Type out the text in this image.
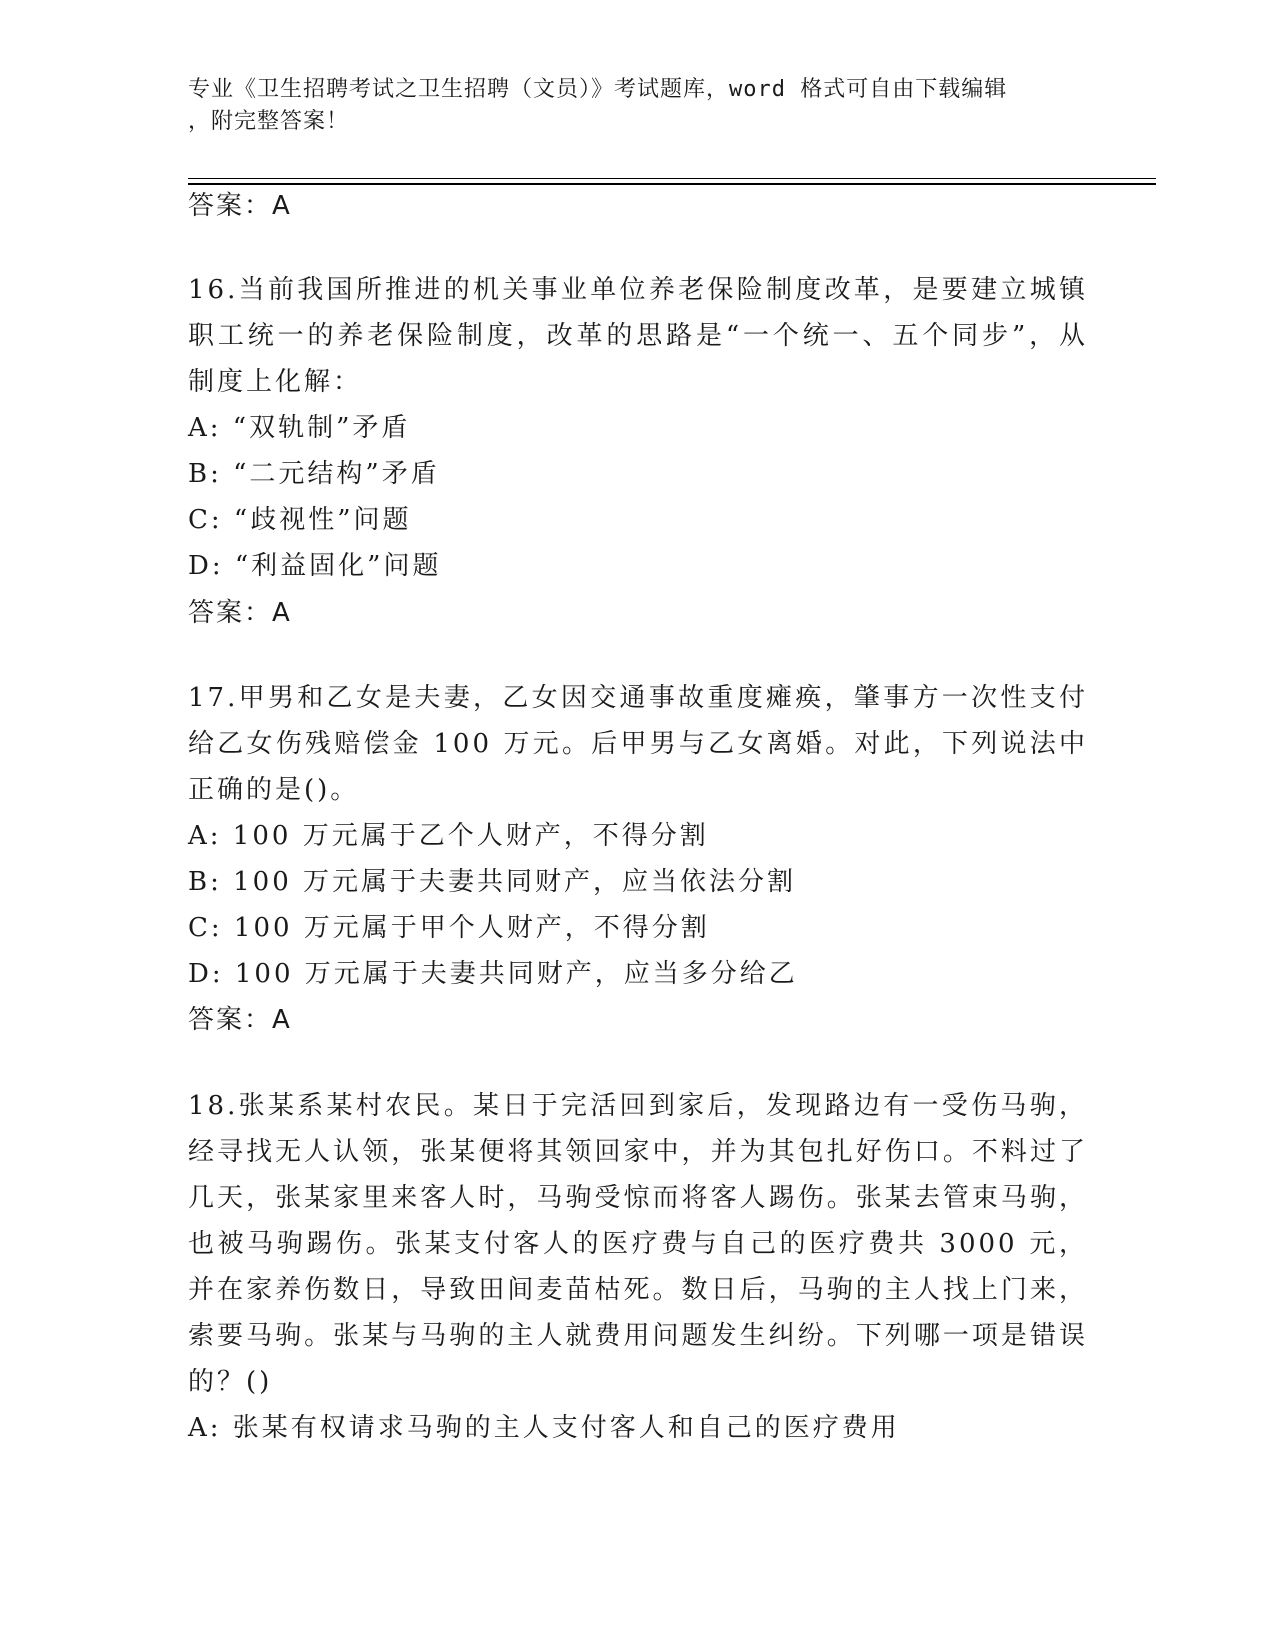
专业《卫生招聘考试之卫生招聘（文员）》考试题库，word 格式可自由下载编辑
，附完整答案！
答案：A

16.当前我国所推进的机关事业单位养老保险制度改革，是要建立城镇职工统一的养老保险制度，改革的思路是“一个统一、五个同步”，从制度上化解：

A: “双轨制”矛盾
B: “二元结构”矛盾
C: “歧视性”问题
D: “利益固化”问题
答案：A

17.甲男和乙女是夫妻，乙女因交通事故重度瘫痪，肇事方一次性支付给乙女伤残赔偿金 100 万元。后甲男与乙女离婚。对此，下列说法中正确的是()。

A: 100 万元属于乙个人财产，不得分割
B: 100 万元属于夫妻共同财产，应当依法分割
C: 100 万元属于甲个人财产，不得分割
D: 100 万元属于夫妻共同财产，应当多分给乙
答案：A

18.张某系某村农民。某日于完活回到家后，发现路边有一受伤马驹，经寻找无人认领，张某便将其领回家中，并为其包扎好伤口。不料过了几天，张某家里来客人时，马驹受惊而将客人踢伤。张某去管束马驹，也被马驹踢伤。张某支付客人的医疗费与自己的医疗费共 3000 元，并在家养伤数日，导致田间麦苗枯死。数日后，马驹的主人找上门来，索要马驹。张某与马驹的主人就费用问题发生纠纷。下列哪一项是错误的？()

A: 张某有权请求马驹的主人支付客人和自己的医疗费用
